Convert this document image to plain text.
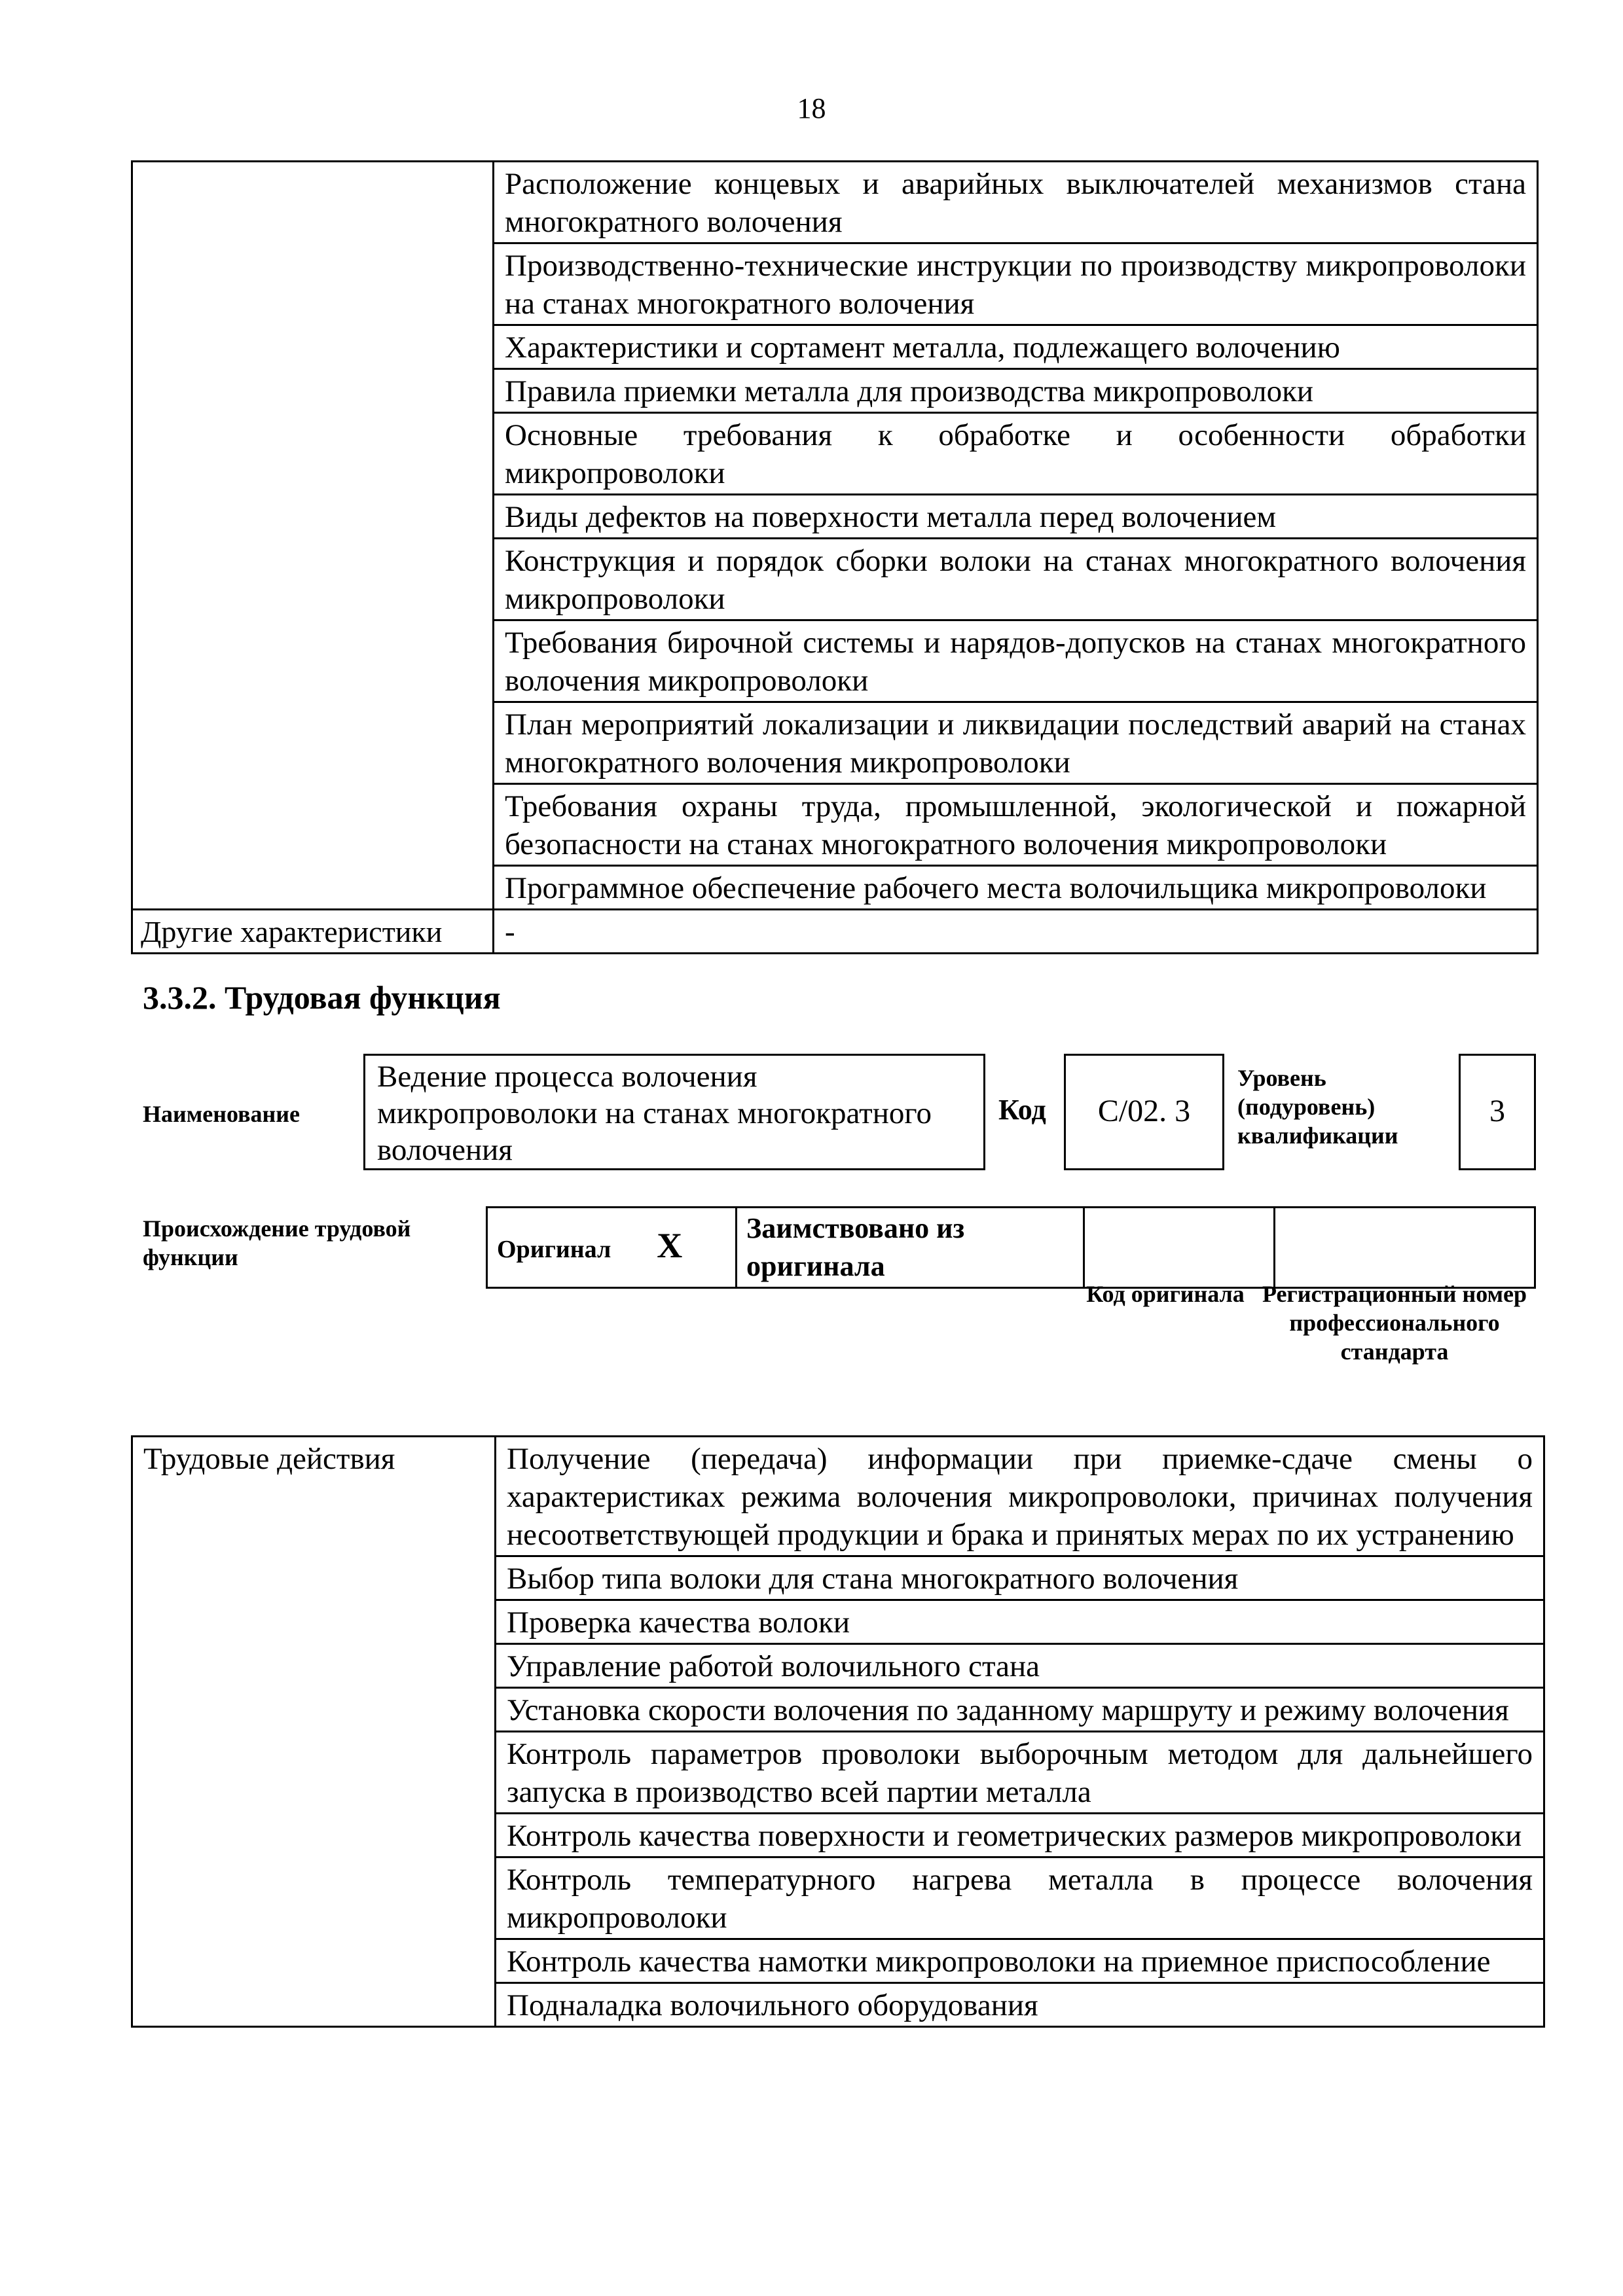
18
	Расположение концевых и аварийных выключателей механизмов стана многократного волочения
	Производственно-технические инструкции по производству микропроволоки на станах многократного волочения
	Характеристики и сортамент металла, подлежащего волочению
	Правила приемки металла для производства микропроволоки
	Основные требования к обработке и особенности обработки микропроволоки
	Виды дефектов на поверхности металла перед волочением
	Конструкция и порядок сборки волоки на станах многократного волочения микропроволоки
	Требования бирочной системы и нарядов-допусков на станах многократного волочения микропроволоки
	План мероприятий локализации и ликвидации последствий аварий на станах многократного волочения микропроволоки
	Требования охраны труда, промышленной, экологической и пожарной безопасности на станах многократного волочения микропроволоки
	Программное обеспечение рабочего места волочильщика микропроволоки
Другие характеристики	-
3.3.2. Трудовая функция
Наименование
Ведение процесса волочения микропроволоки на станах многократного волочения
Код	С/02. 3
Уровень (подуровень) квалификации
3
Происхождение трудовой функции	Оригинал X	Заимствовано из оригинала		
Код оригинала Регистрационный номер профессионального стандарта
Трудовые действия	Получение (передача) информации при приемке-сдаче смены о характеристиках режима волочения микропроволоки, причинах получения несоответствующей продукции и брака и принятых мерах по их устранению
Выбор типа волоки для стана многократного волочения
Проверка качества волоки
Управление работой волочильного стана
Установка скорости волочения по заданному маршруту и режиму волочения
Контроль параметров проволоки выборочным методом для дальнейшего запуска в производство всей партии металла
Контроль качества поверхности и геометрических размеров микропроволоки
Контроль температурного нагрева металла в процессе волочения микропроволоки
Контроль качества намотки микропроволоки на приемное приспособление
Подналадка волочильного оборудования
